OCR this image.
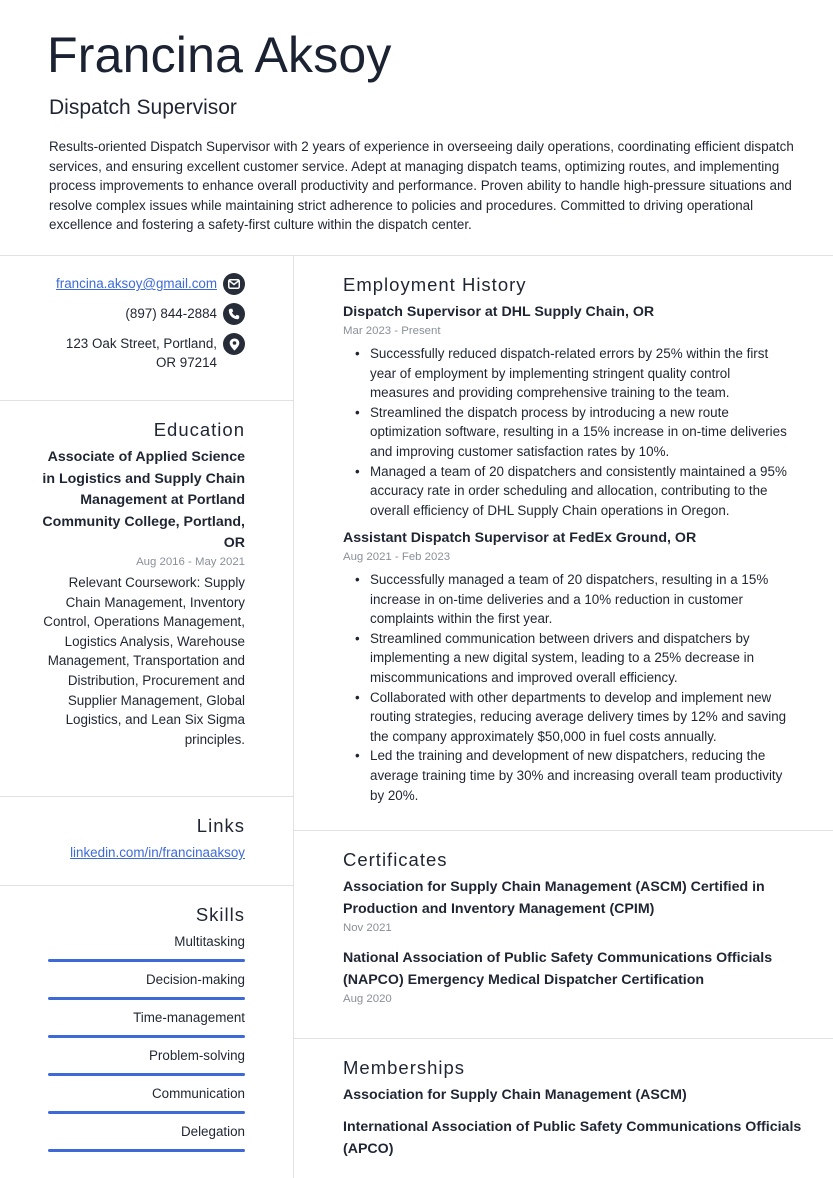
Francina Aksoy
Dispatch Supervisor

Results-oriented Dispatch Supervisor with 2 years of experience in overseeing daily operations, coordinating efficient dispatch services, and ensuring excellent customer service. Adept at managing dispatch teams, optimizing routes, and implementing process improvements to enhance overall productivity and performance. Proven ability to handle high-pressure situations and resolve complex issues while maintaining strict adherence to policies and procedures. Committed to driving operational excellence and fostering a safety-first culture within the dispatch center.

francina.aksoy@gmail.com
(897) 844-2884
123 Oak Street, Portland, OR 97214
Education
Associate of Applied Science in Logistics and Supply Chain Management at Portland Community College, Portland, OR
Aug 2016 - May 2021

Relevant Coursework: Supply Chain Management, Inventory Control, Operations Management, Logistics Analysis, Warehouse Management, Transportation and Distribution, Procurement and Supplier Management, Global Logistics, and Lean Six Sigma principles.

Links
linkedin.com/in/francinaaksoy
Skills
Multitasking
Decision-making
Time-management
Problem-solving
Communication
Delegation
Employment History
Dispatch Supervisor at DHL Supply Chain, OR
Mar 2023 - Present
• Successfully reduced dispatch-related errors by 25% within the first year of employment by implementing stringent quality control measures and providing comprehensive training to the team.
• Streamlined the dispatch process by introducing a new route optimization software, resulting in a 15% increase in on-time deliveries and improving customer satisfaction rates by 10%.
• Managed a team of 20 dispatchers and consistently maintained a 95% accuracy rate in order scheduling and allocation, contributing to the overall efficiency of DHL Supply Chain operations in Oregon.
Assistant Dispatch Supervisor at FedEx Ground, OR
Aug 2021 - Feb 2023
• Successfully managed a team of 20 dispatchers, resulting in a 15% increase in on-time deliveries and a 10% reduction in customer complaints within the first year.
• Streamlined communication between drivers and dispatchers by implementing a new digital system, leading to a 25% decrease in miscommunications and improved overall efficiency.
• Collaborated with other departments to develop and implement new routing strategies, reducing average delivery times by 12% and saving the company approximately $50,000 in fuel costs annually.
• Led the training and development of new dispatchers, reducing the average training time by 30% and increasing overall team productivity by 20%.
Certificates
Association for Supply Chain Management (ASCM) Certified in Production and Inventory Management (CPIM)
Nov 2021
National Association of Public Safety Communications Officials (NAPCO) Emergency Medical Dispatcher Certification
Aug 2020
Memberships
Association for Supply Chain Management (ASCM)
International Association of Public Safety Communications Officials (APCO)
